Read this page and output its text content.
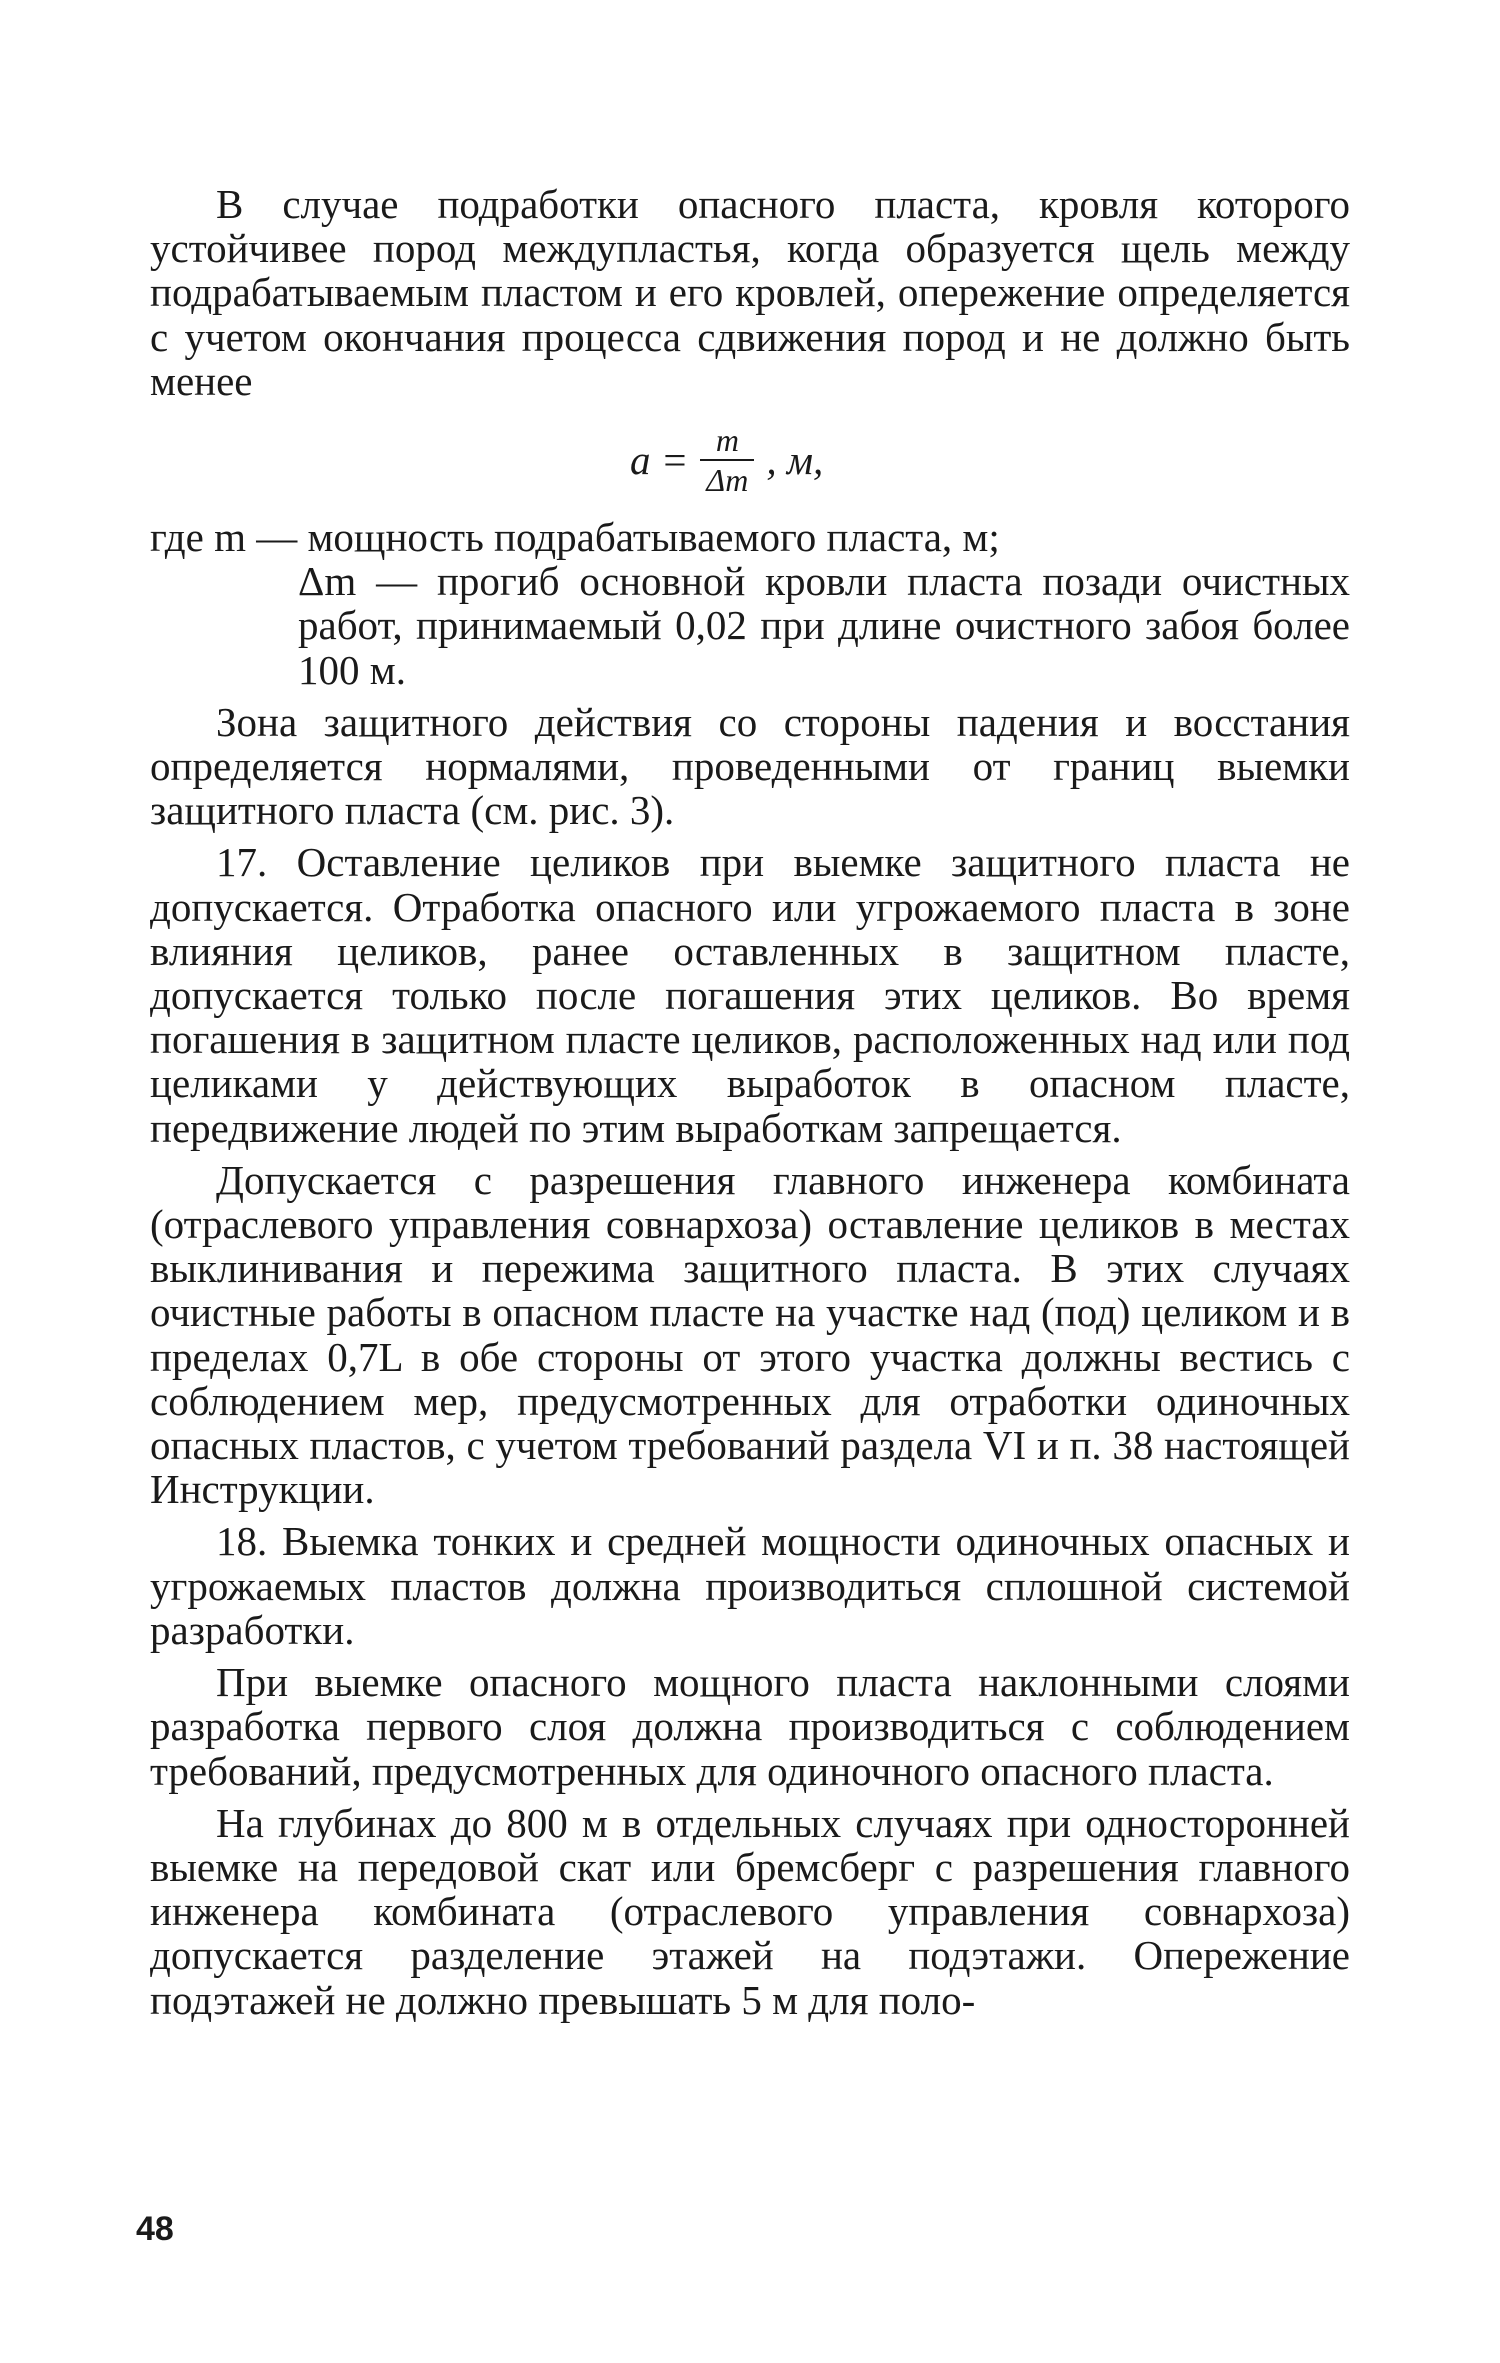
В случае подработки опасного пласта, кровля которого устойчивее пород междупластья, когда образуется щель между подрабатываемым пластом и его кровлей, опережение определяется с учетом окончания процесса сдвижения пород и не должно быть менее

$a = \frac{m}{\Delta m}$ , м,

где m — мощность подрабатываемого пласта, м;

Δm — прогиб основной кровли пласта позади очистных работ, принимаемый 0,02 при длине очистного забоя более 100 м.

Зона защитного действия со стороны падения и восстания определяется нормалями, проведенными от границ выемки защитного пласта (см. рис. 3).

17. Оставление целиков при выемке защитного пласта не допускается. Отработка опасного или угрожаемого пласта в зоне влияния целиков, ранее оставленных в защитном пласте, допускается только после погашения этих целиков. Во время погашения в защитном пласте целиков, расположенных над или под целиками у действующих выработок в опасном пласте, передвижение людей по этим выработкам запрещается.

Допускается с разрешения главного инженера комбината (отраслевого управления совнархоза) оставление целиков в местах выклинивания и пережима защитного пласта. В этих случаях очистные работы в опасном пласте на участке над (под) целиком и в пределах 0,7L в обе стороны от этого участка должны вестись с соблюдением мер, предусмотренных для отработки одиночных опасных пластов, с учетом требований раздела VI и п. 38 настоящей Инструкции.

18. Выемка тонких и средней мощности одиночных опасных и угрожаемых пластов должна производиться сплошной системой разработки.

При выемке опасного мощного пласта наклонными слоями разработка первого слоя должна производиться с соблюдением требований, предусмотренных для одиночного опасного пласта.

На глубинах до 800 м в отдельных случаях при односторонней выемке на передовой скат или бремсберг с разрешения главного инженера комбината (отраслевого управления совнархоза) допускается разделение этажей на подэтажи. Опережение подэтажей не должно превышать 5 м для поло-

48
